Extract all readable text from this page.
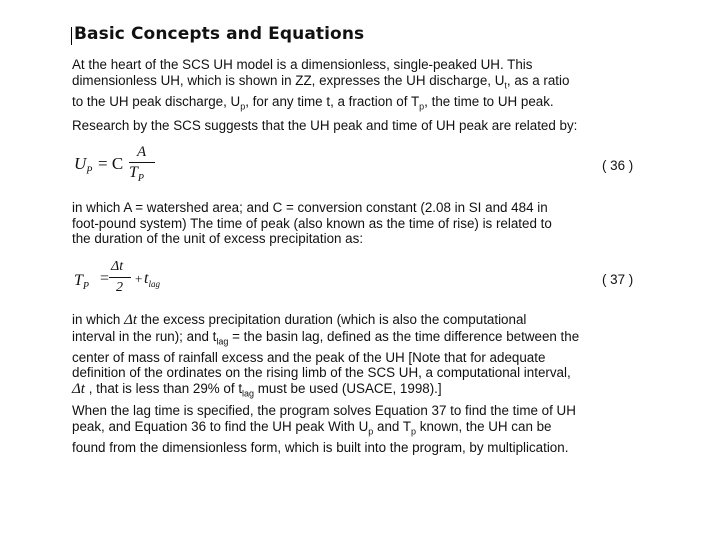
Basic Concepts and Equations
At the heart of the SCS UH model is a dimensionless, single-peaked UH. This
dimensionless UH, which is shown in ZZ, expresses the UH discharge, $U_t$, as a ratio
to the UH peak discharge, $U_p$, for any time t, a fraction of $T_p$, the time to UH peak.
Research by the SCS suggests that the UH peak and time of UH peak are related by:
$U_P = C$
A
$T_P$
( 36 )
in which A = watershed area; and C = conversion constant (2.08 in SI and 484 in
foot-pound system) The time of peak (also known as the time of rise) is related to
the duration of the unit of excess precipitation as:
$T_P$ =
Δt
2
+ $t_{lag}$	( 37 )
in which Δt the excess precipitation duration (which is also the computational
interval in the run); and $t_{lag}$ = the basin lag, defined as the time difference between the
center of mass of rainfall excess and the peak of the UH [Note that for adequate
definition of the ordinates on the rising limb of the SCS UH, a computational interval,
Δt , that is less than 29% of $t_{lag}$ must be used (USACE, 1998).]
When the lag time is specified, the program solves Equation 37 to find the time of UH
peak, and Equation 36 to find the UH peak With $U_p$ and $T_p$ known, the UH can be
found from the dimensionless form, which is built into the program, by multiplication.
